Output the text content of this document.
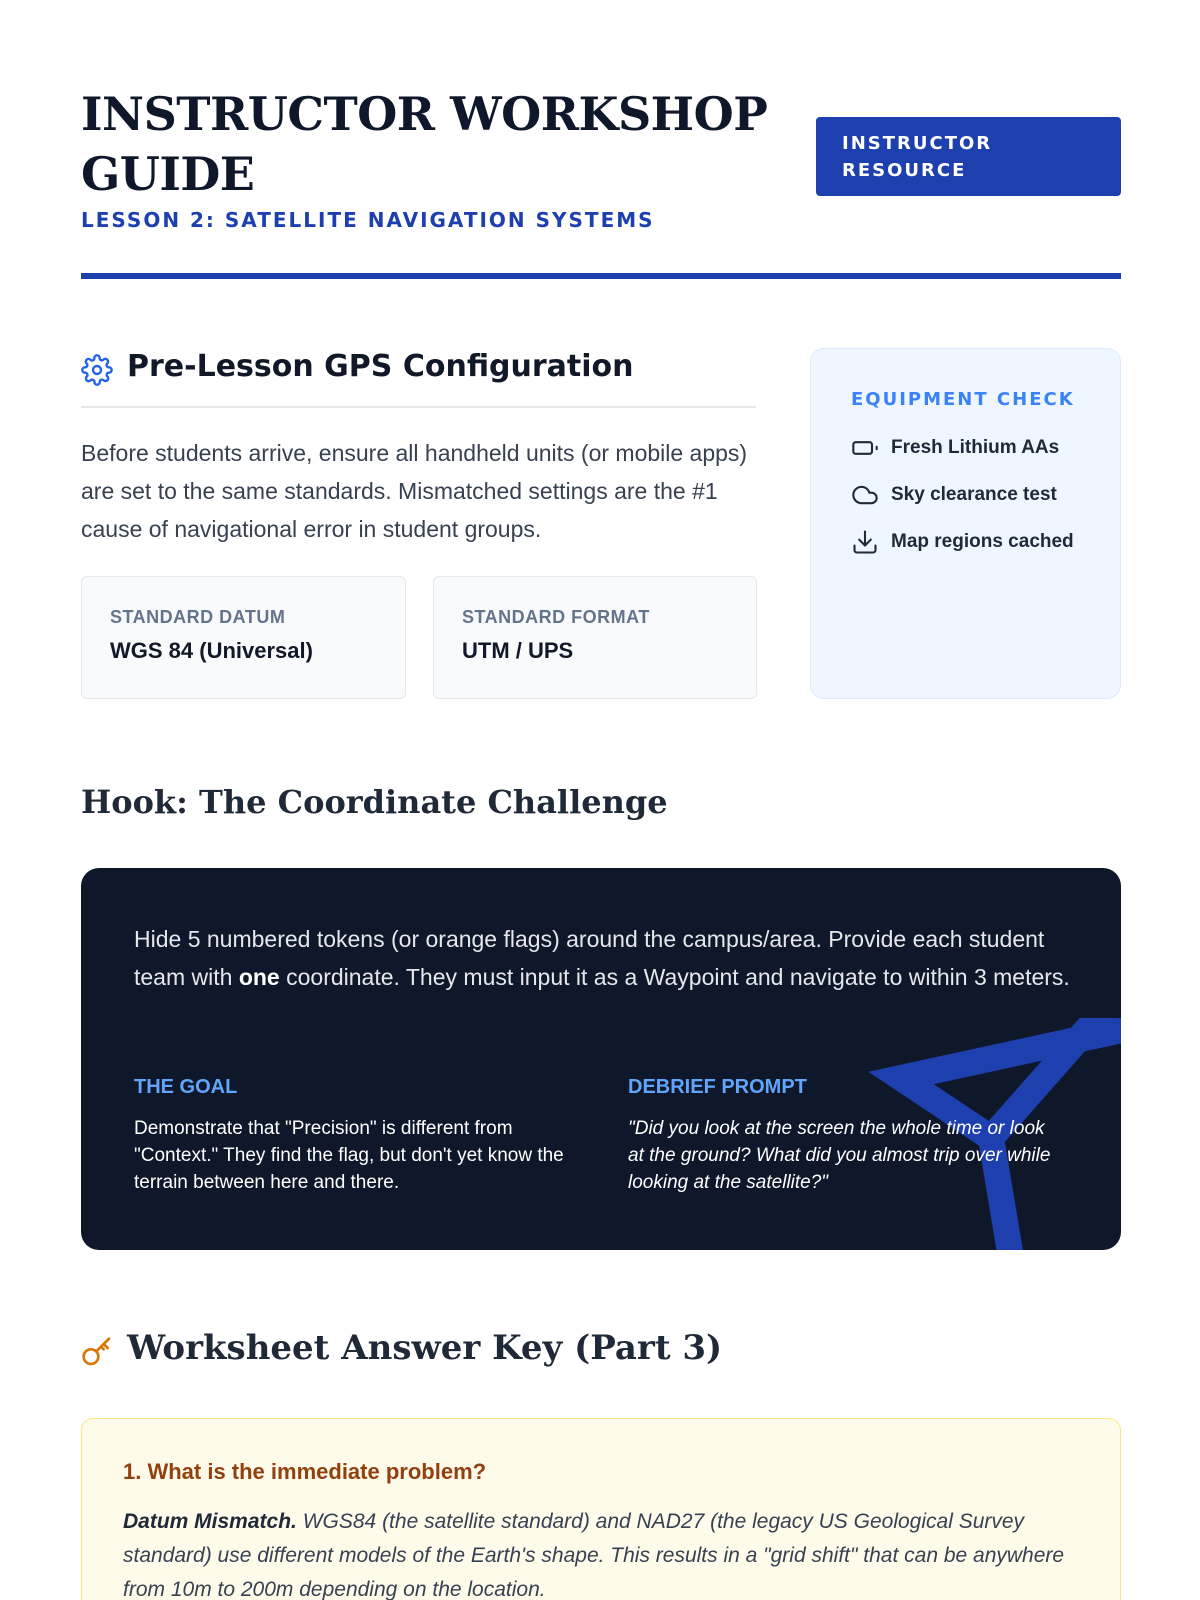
INSTRUCTOR WORKSHOP GUIDE
LESSON 2: SATELLITE NAVIGATION SYSTEMS
INSTRUCTOR RESOURCE
Pre-Lesson GPS Configuration

Before students arrive, ensure all handheld units (or mobile apps) are set to the same standards. Mismatched settings are the #1 cause of navigational error in student groups.

STANDARD DATUM
WGS 84 (Universal)
STANDARD FORMAT
UTM / UPS
EQUIPMENT CHECK
Fresh Lithium AAs
Sky clearance test
Map regions cached
Hook: The Coordinate Challenge

Hide 5 numbered tokens (or orange flags) around the campus/area. Provide each student team with one coordinate. They must input it as a Waypoint and navigate to within 3 meters.

THE GOAL
Demonstrate that "Precision" is different from "Context." They find the flag, but don't yet know the terrain between here and there.
DEBRIEF PROMPT
"Did you look at the screen the whole time or look at the ground? What did you almost trip over while looking at the satellite?"
Worksheet Answer Key (Part 3)
1. What is the immediate problem?

Datum Mismatch. WGS84 (the satellite standard) and NAD27 (the legacy US Geological Survey standard) use different models of the Earth's shape. This results in a "grid shift" that can be anywhere from 10m to 200m depending on the location.
